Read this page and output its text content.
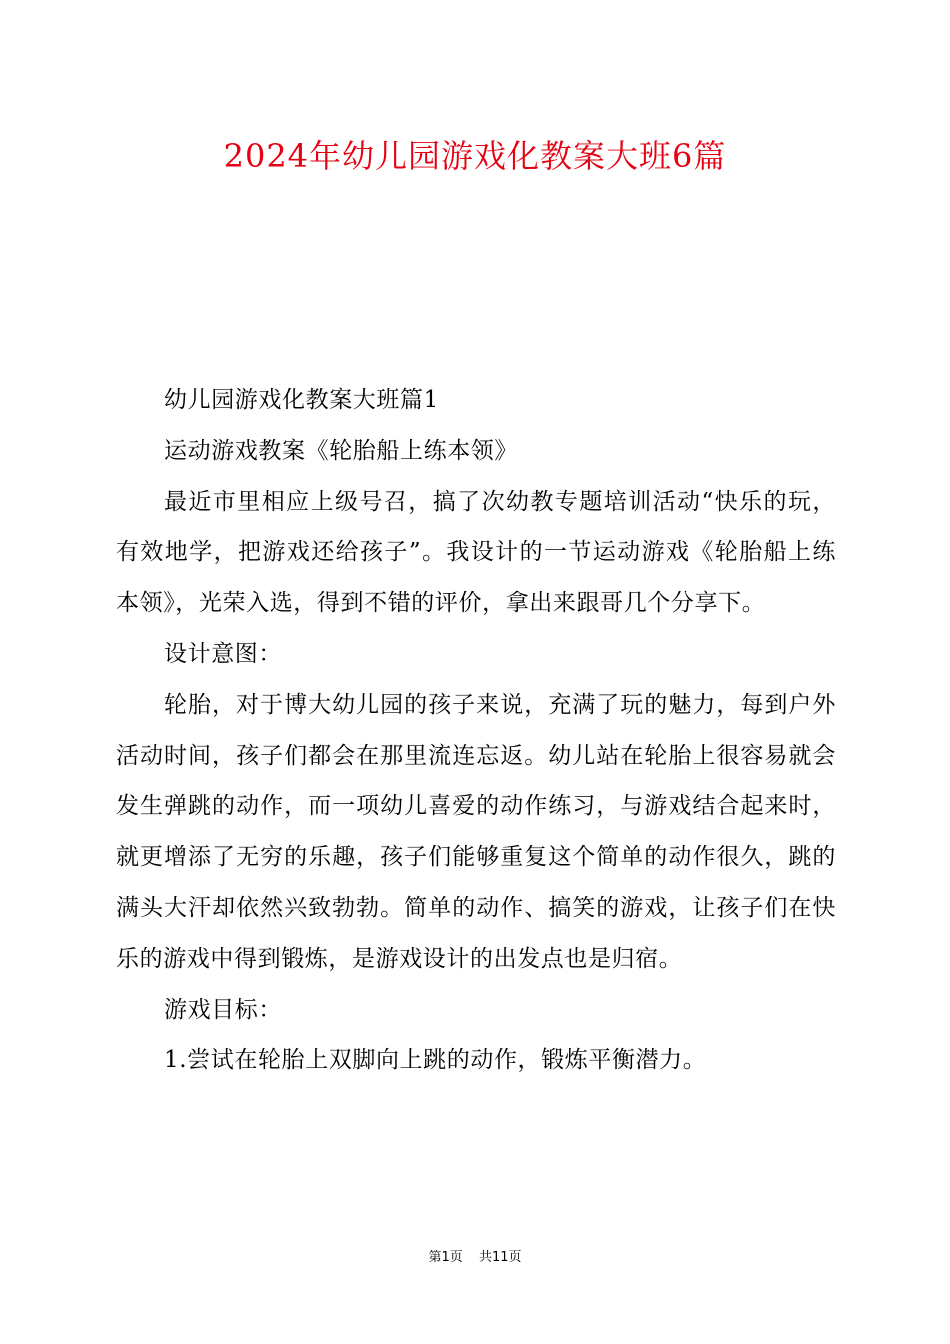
2024年幼儿园游戏化教案大班6篇

幼儿园游戏化教案大班篇1

运动游戏教案《轮胎船上练本领》

最近市里相应上级号召，搞了次幼教专题培训活动“快乐的玩，有效地学，把游戏还给孩子”。我设计的一节运动游戏《轮胎船上练本领》，光荣入选，得到不错的评价，拿出来跟哥几个分享下。

设计意图：

轮胎，对于博大幼儿园的孩子来说，充满了玩的魅力，每到户外活动时间，孩子们都会在那里流连忘返。幼儿站在轮胎上很容易就会发生弹跳的动作，而一项幼儿喜爱的动作练习，与游戏结合起来时，就更增添了无穷的乐趣，孩子们能够重复这个简单的动作很久，跳的满头大汗却依然兴致勃勃。简单的动作、搞笑的游戏，让孩子们在快乐的游戏中得到锻炼，是游戏设计的出发点也是归宿。

游戏目标：

1.尝试在轮胎上双脚向上跳的动作，锻炼平衡潜力。

第1页 共11页
